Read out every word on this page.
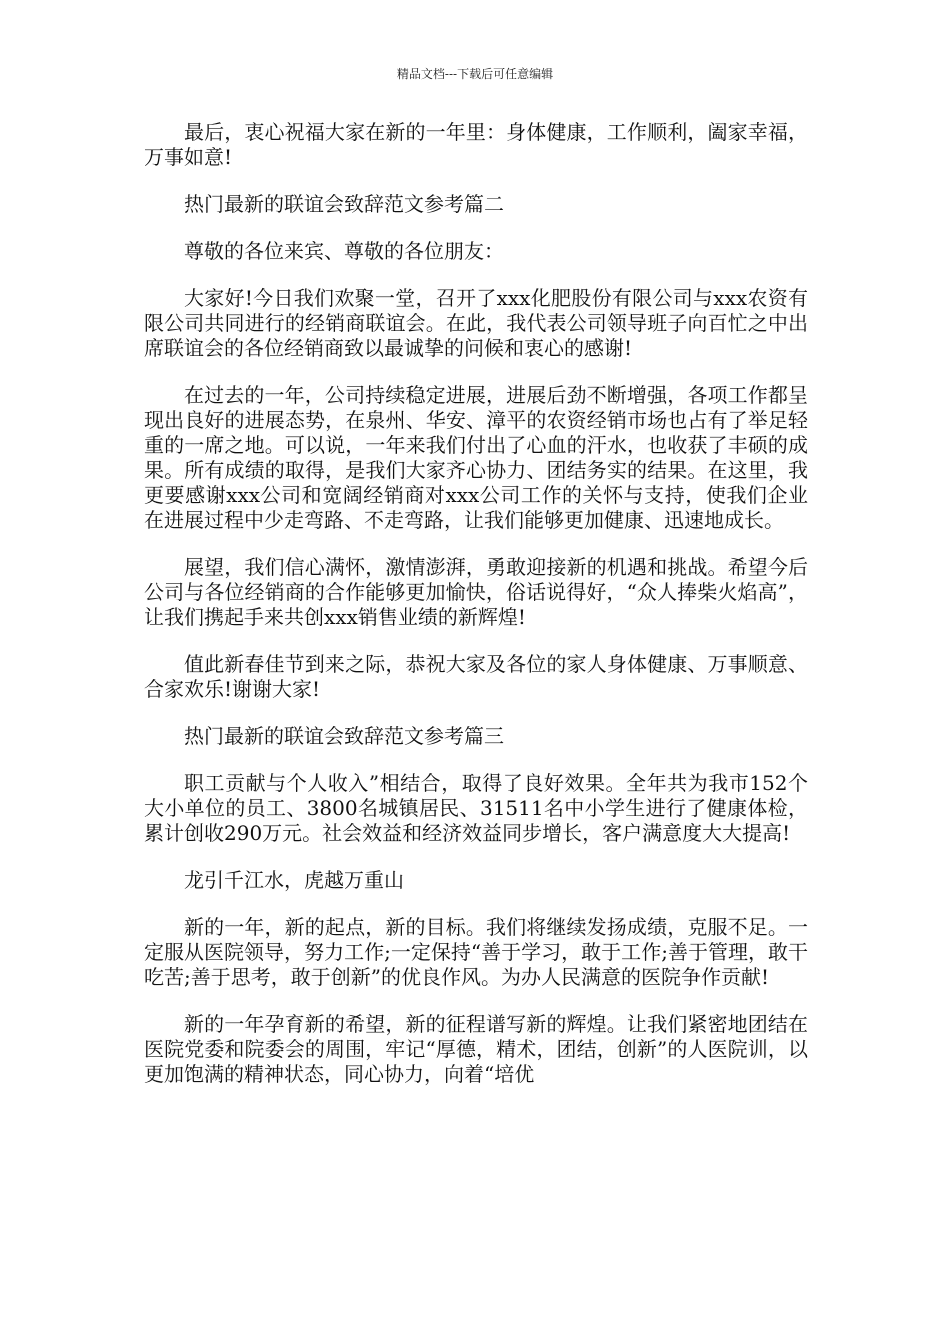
精品文档---下载后可任意编辑

最后，衷心祝福大家在新的一年里：身体健康，工作顺利，阖家幸福，万事如意!

热门最新的联谊会致辞范文参考篇二

尊敬的各位来宾、尊敬的各位朋友：

大家好!今日我们欢聚一堂，召开了xxx化肥股份有限公司与xxx农资有限公司共同进行的经销商联谊会。在此，我代表公司领导班子向百忙之中出席联谊会的各位经销商致以最诚挚的问候和衷心的感谢!

在过去的一年，公司持续稳定进展，进展后劲不断增强，各项工作都呈现出良好的进展态势，在泉州、华安、漳平的农资经销市场也占有了举足轻重的一席之地。可以说，一年来我们付出了心血的汗水，也收获了丰硕的成果。所有成绩的取得，是我们大家齐心协力、团结务实的结果。在这里，我更要感谢xxx公司和宽阔经销商对xxx公司工作的关怀与支持，使我们企业在进展过程中少走弯路、不走弯路，让我们能够更加健康、迅速地成长。

展望，我们信心满怀，激情澎湃，勇敢迎接新的机遇和挑战。希望今后公司与各位经销商的合作能够更加愉快，俗话说得好，“众人捧柴火焰高”，让我们携起手来共创xxx销售业绩的新辉煌!

值此新春佳节到来之际，恭祝大家及各位的家人身体健康、万事顺意、合家欢乐!谢谢大家!

热门最新的联谊会致辞范文参考篇三

职工贡献与个人收入”相结合，取得了良好效果。全年共为我市152个大小单位的员工、3800名城镇居民、31511名中小学生进行了健康体检，累计创收290万元。社会效益和经济效益同步增长，客户满意度大大提高!

龙引千江水，虎越万重山

新的一年，新的起点，新的目标。我们将继续发扬成绩，克服不足。一定服从医院领导，努力工作;一定保持“善于学习，敢于工作;善于管理，敢干吃苦;善于思考，敢于创新”的优良作风。为办人民满意的医院争作贡献!

新的一年孕育新的希望，新的征程谱写新的辉煌。让我们紧密地团结在医院党委和院委会的周围，牢记“厚德，精术，团结，创新”的人医院训，以更加饱满的精神状态，同心协力，向着“培优
